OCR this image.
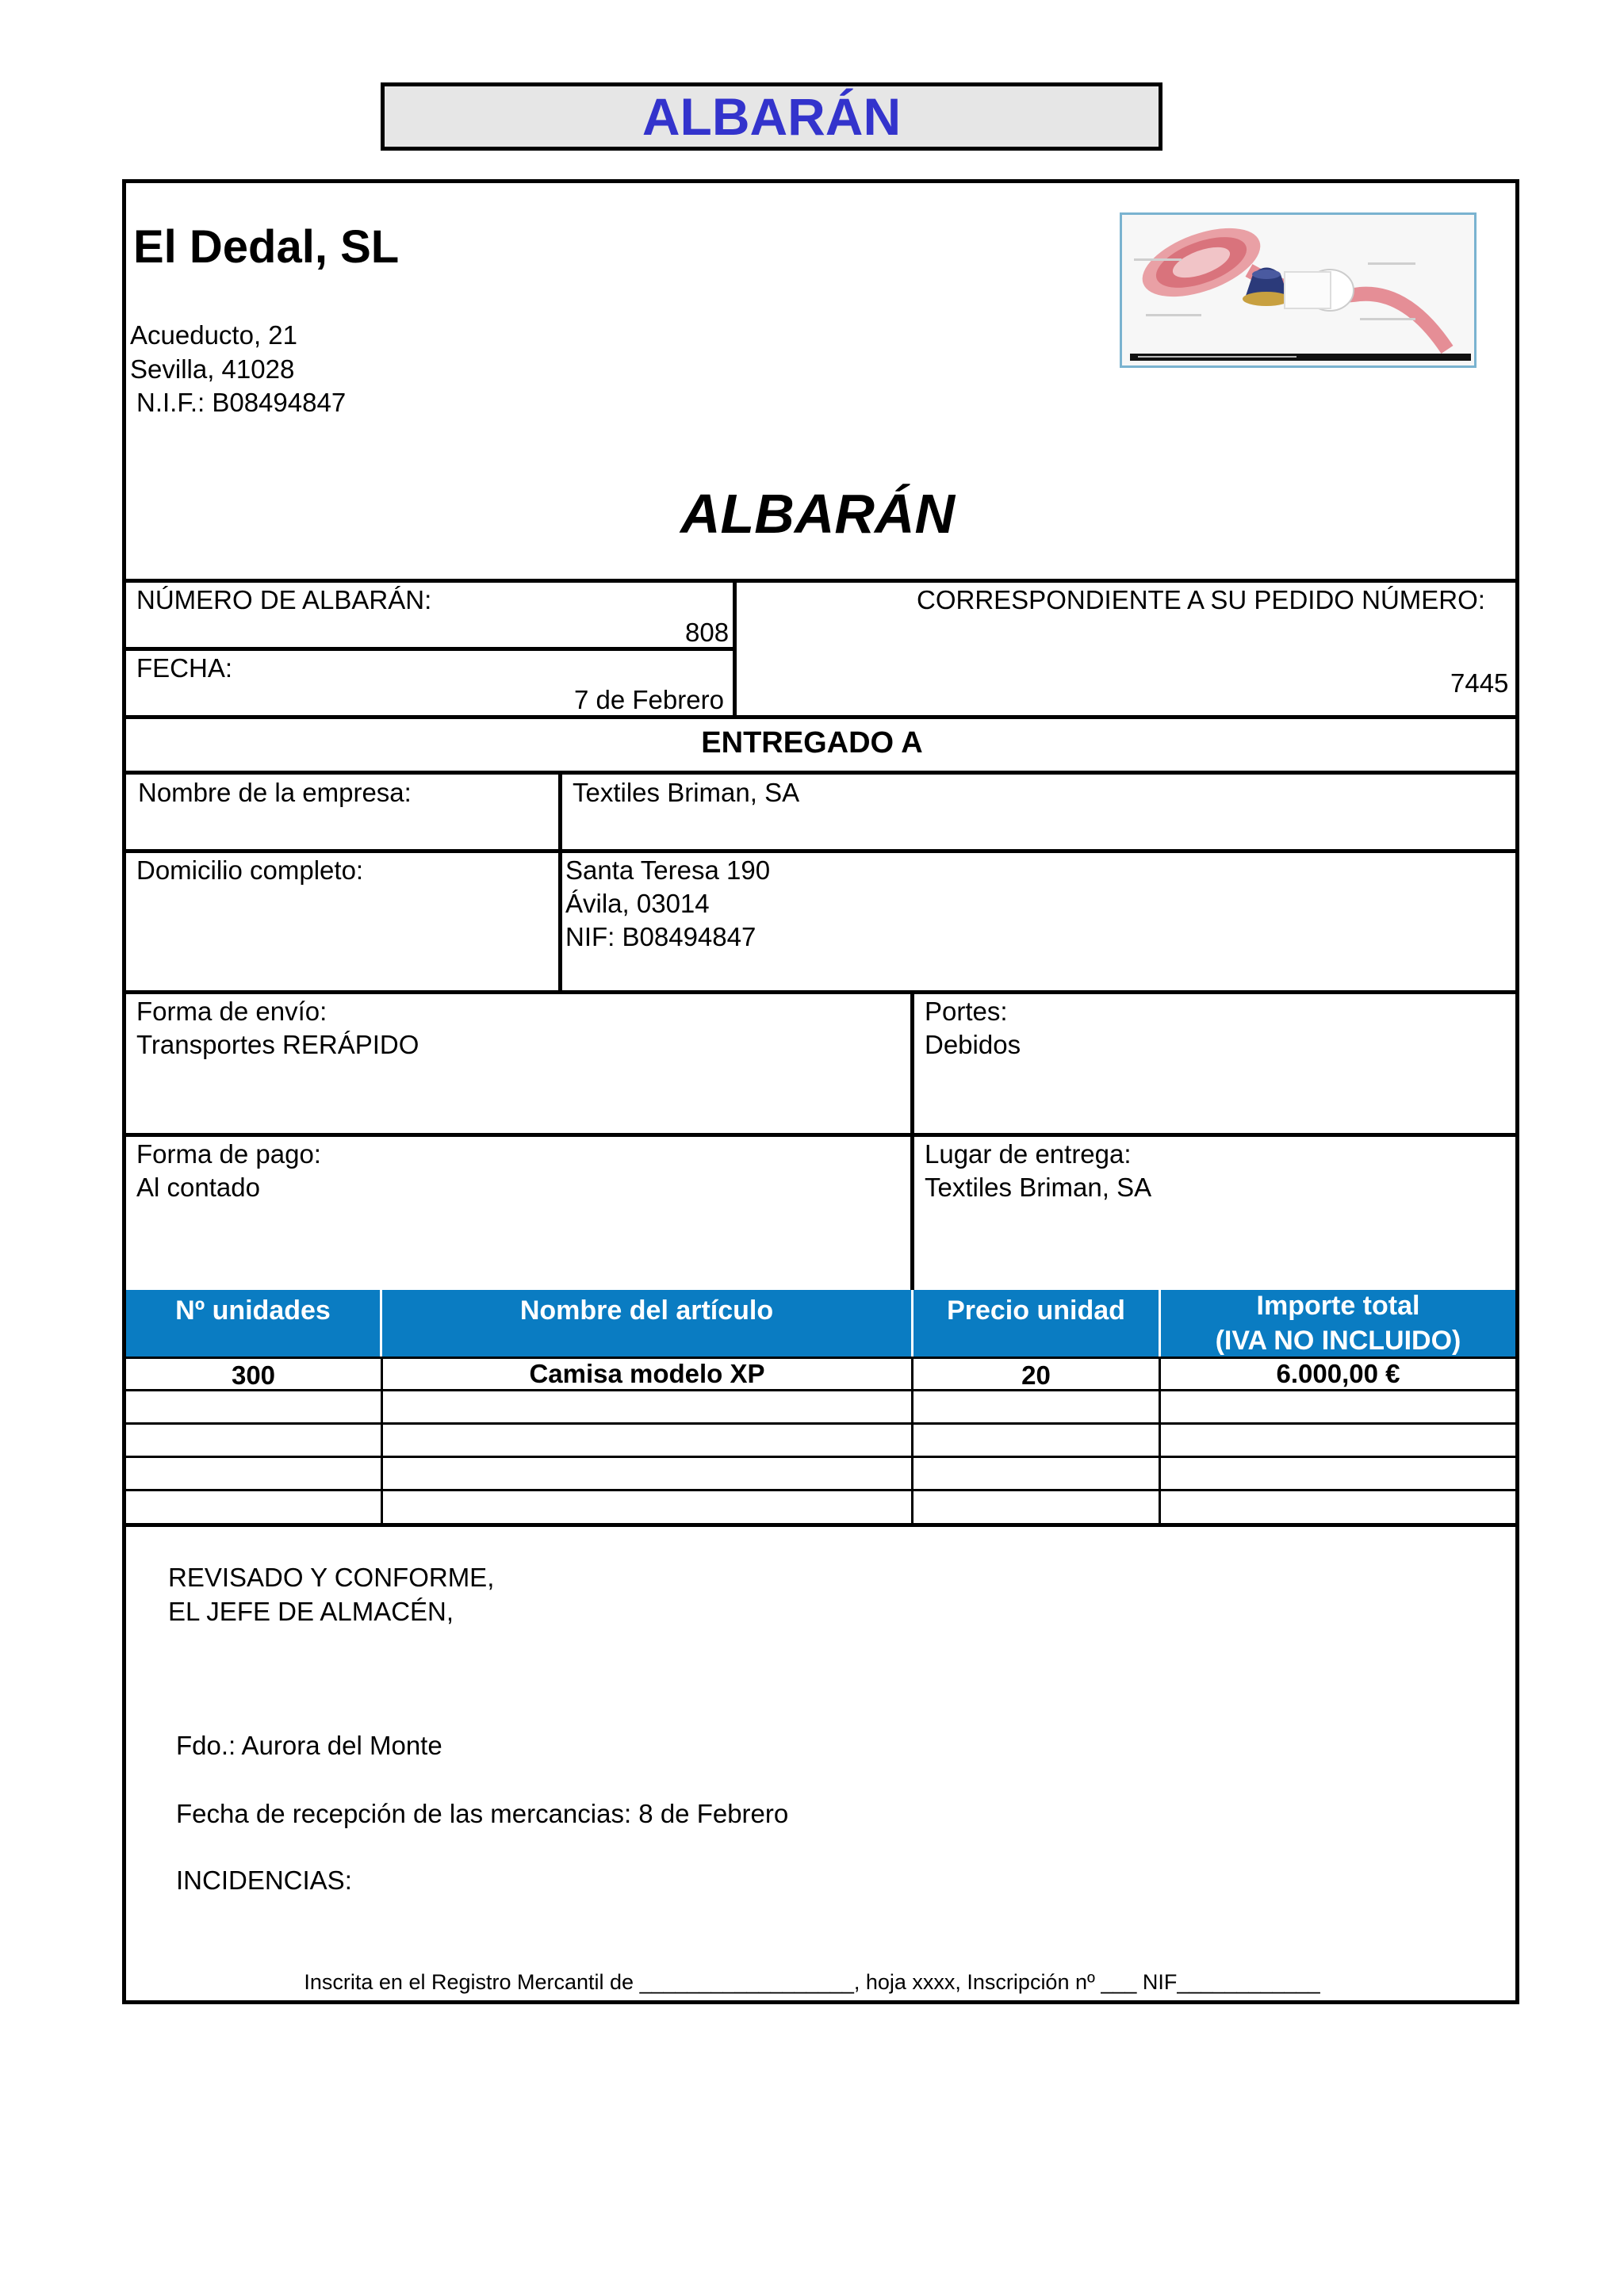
ALBARÁN
El Dedal, SL
Acueducto, 21
Sevilla, 41028
N.I.F.: B08494847
ALBARÁN
NÚMERO DE ALBARÁN:
808
FECHA:
7 de Febrero
CORRESPONDIENTE A SU PEDIDO NÚMERO:
7445
ENTREGADO A
Nombre de la empresa:	Textiles Briman, SA
Domicilio completo:	Santa Teresa 190
Ávila, 03014
NIF: B08494847
Forma de envío:
Transportes RERÁPIDO
Portes:
Debidos
Forma de pago:
Al contado
Lugar de entrega:
Textiles Briman, SA
Nº unidades	Nombre del artículo	Precio unidad	Importe total
(IVA NO INCLUIDO)
300	Camisa modelo XP	20	6.000,00 €
REVISADO Y CONFORME,
EL JEFE DE ALMACÉN,
Fdo.: Aurora del Monte
Fecha de recepción de las mercancias: 8 de Febrero
INCIDENCIAS:
Inscrita en el Registro Mercantil de __________________, hoja xxxx, Inscripción nº ___ NIF____________
